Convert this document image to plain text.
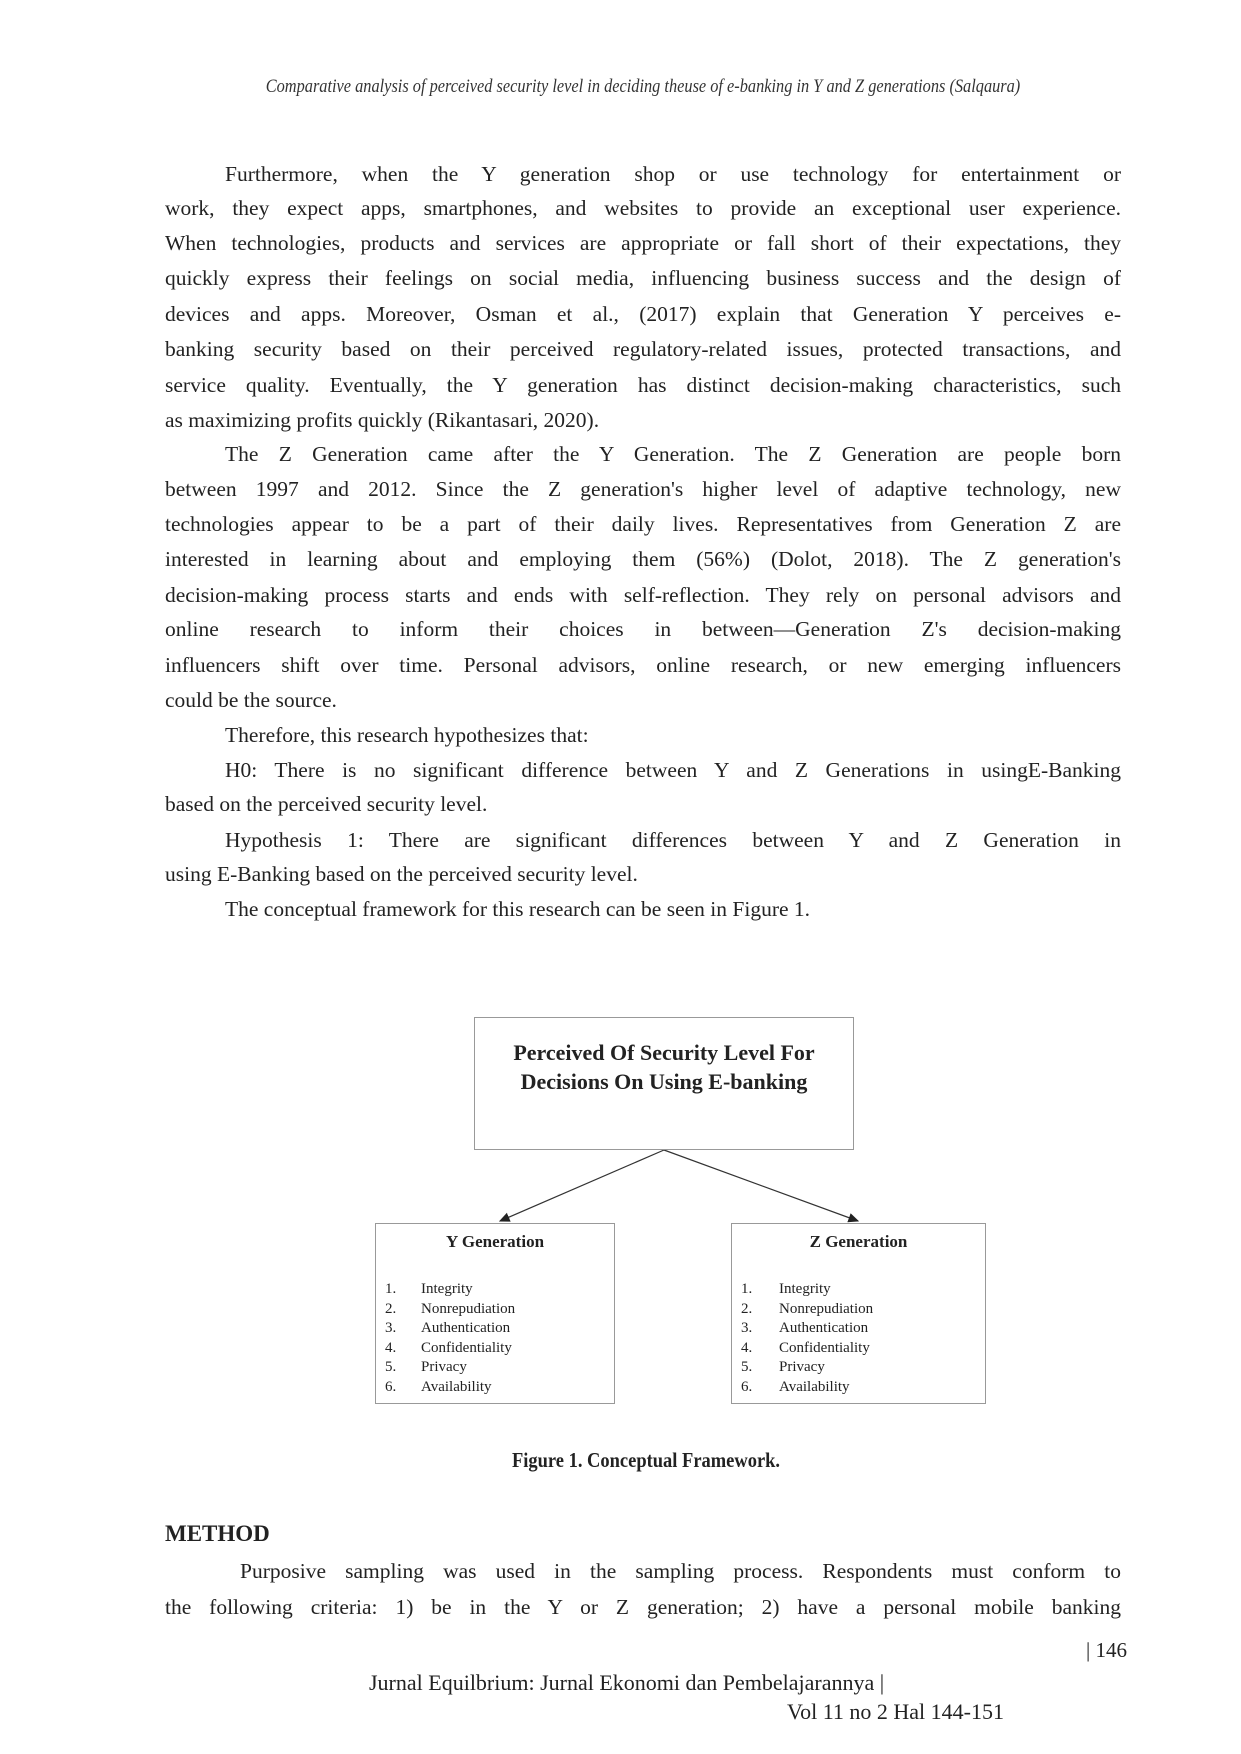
Comparative analysis of perceived security level in deciding theuse of e-banking in Y and Z generations (Salqaura)
Furthermore, when the Y generation shop or use technology for entertainment or
work, they expect apps, smartphones, and websites to provide an exceptional user experience.
When technologies, products and services are appropriate or fall short of their expectations, they
quickly express their feelings on social media, influencing business success and the design of
devices and apps. Moreover, Osman et al., (2017) explain that Generation Y perceives e-
banking security based on their perceived regulatory-related issues, protected transactions, and
service quality. Eventually, the Y generation has distinct decision-making characteristics, such
as maximizing profits quickly (Rikantasari, 2020).
The Z Generation came after the Y Generation. The Z Generation are people born
between 1997 and 2012. Since the Z generation's higher level of adaptive technology, new
technologies appear to be a part of their daily lives. Representatives from Generation Z are
interested in learning about and employing them (56%) (Dolot, 2018). The Z generation's
decision-making process starts and ends with self-reflection. They rely on personal advisors and
online research to inform their choices in between—Generation Z's decision-making
influencers shift over time. Personal advisors, online research, or new emerging influencers
could be the source.
Therefore, this research hypothesizes that:
H0: There is no significant difference between Y and Z Generations in usingE-Banking
based on the perceived security level.
Hypothesis 1: There are significant differences between Y and Z Generation in
using E-Banking based on the perceived security level.
The conceptual framework for this research can be seen in Figure 1.
Perceived Of Security Level For
Decisions On Using E-banking
Y Generation
1. Integrity
2. Nonrepudiation
3. Authentication
4. Confidentiality
5. Privacy
6. Availability
Z Generation
1. Integrity
2. Nonrepudiation
3. Authentication
4. Confidentiality
5. Privacy
6. Availability
Figure 1. Conceptual Framework.
METHOD
Purposive sampling was used in the sampling process. Respondents must conform to
the following criteria: 1) be in the Y or Z generation; 2) have a personal mobile banking
| 146
Jurnal Equilbrium: Jurnal Ekonomi dan Pembelajarannya |
Vol 11 no 2 Hal 144-151
